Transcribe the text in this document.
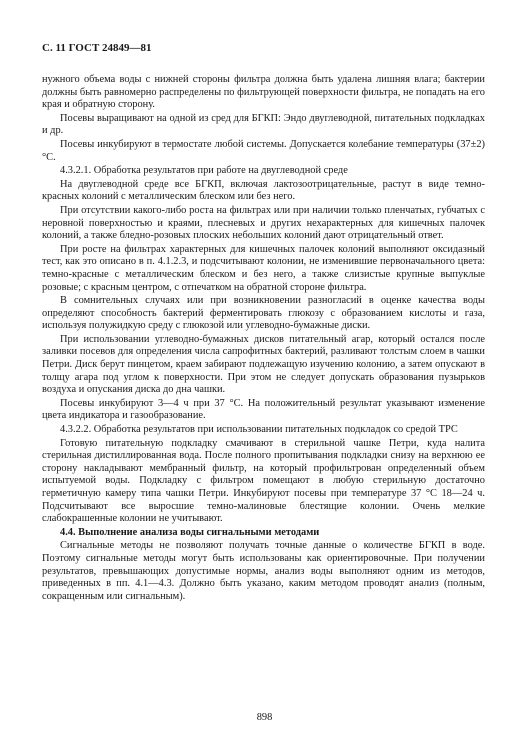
С. 11 ГОСТ 24849—81

нужного объема воды с нижней стороны фильтра должна быть удалена лишняя влага; бактерии должны быть равномерно распределены по фильтрующей поверхности фильтра, не попадать на его края и обратную сторону.

Посевы выращивают на одной из сред для БГКП: Эндо двуглеводной, питательных подкладках и др.

Посевы инкубируют в термостате любой системы. Допускается колебание температуры (37±2) °С.

4.3.2.1. Обработка результатов при работе на двуглеводной среде

На двуглеводной среде все БГКП, включая лактозоотрицательные, растут в виде темно-красных колоний с металлическим блеском или без него.

При отсутствии какого-либо роста на фильтрах или при наличии только пленчатых, губчатых с неровной поверхностью и краями, плесневых и других нехарактерных для кишечных палочек колоний, а также бледно-розовых плоских небольших колоний дают отрицательный ответ.

При росте на фильтрах характерных для кишечных палочек колоний выполняют оксидазный тест, как это описано в п. 4.1.2.3, и подсчитывают колонии, не изменившие первоначального цвета: темно-красные с металлическим блеском и без него, а также слизистые крупные выпуклые розовые; с красным центром, с отпечатком на обратной стороне фильтра.

В сомнительных случаях или при возникновении разногласий в оценке качества воды определяют способность бактерий ферментировать глюкозу с образованием кислоты и газа, используя полужидкую среду с глюкозой или углеводно-бумажные диски.

При использовании углеводно-бумажных дисков питательный агар, который остался после заливки посевов для определения числа сапрофитных бактерий, разливают толстым слоем в чашки Петри. Диск берут пинцетом, краем забирают подлежащую изучению колонию, а затем опускают в толщу агара под углом к поверхности. При этом не следует допускать образования пузырьков воздуха и опускания диска до дна чашки.

Посевы инкубируют 3—4 ч при 37 °С. На положительный результат указывают изменение цвета индикатора и газообразование.

4.3.2.2. Обработка результатов при использовании питательных подкладок со средой ТРС

Готовую питательную подкладку смачивают в стерильной чашке Петри, куда налита стерильная дистиллированная вода. После полного пропитывания подкладки снизу на верхнюю ее сторону накладывают мембранный фильтр, на который профильтрован определенный объем испытуемой воды. Подкладку с фильтром помещают в любую стерильную достаточно герметичную камеру типа чашки Петри. Инкубируют посевы при температуре 37 °С 18—24 ч. Подсчитывают все выросшие темно-малиновые блестящие колонии. Очень мелкие слабокрашенные колонии не учитывают.

4.4. Выполнение анализа воды сигнальными методами

Сигнальные методы не позволяют получать точные данные о количестве БГКП в воде. Поэтому сигнальные методы могут быть использованы как ориентировочные. При получении результатов, превышающих допустимые нормы, анализ воды выполняют одним из методов, приведенных в пп. 4.1—4.3. Должно быть указано, каким методом проводят анализ (полным, сокращенным или сигнальным).

898
